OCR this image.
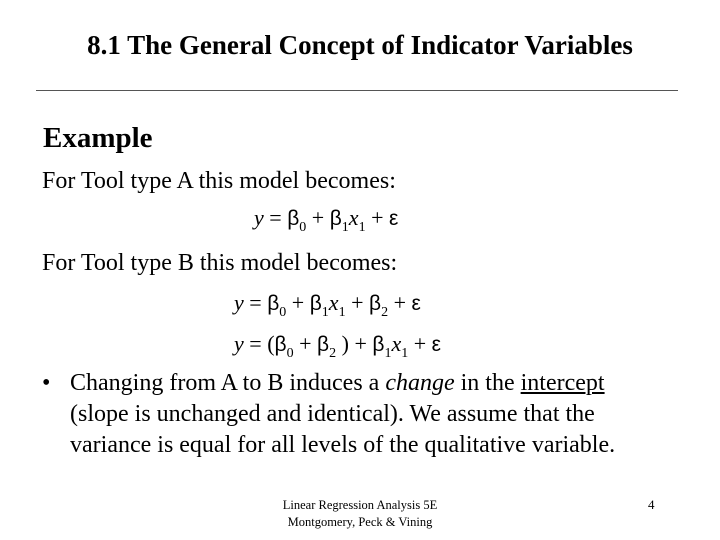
8.1 The General Concept of Indicator Variables
Example
For Tool type A this model becomes:
$y = \beta_0 + \beta_1x_1 + \varepsilon$
For Tool type B this model becomes:
$y = \beta_0 + \beta_1x_1 + \beta_2 + \varepsilon$
$y = (\beta_0 + \beta_2$ ) + $\beta_1x_1 + \varepsilon$
• Changing from A to B induces a change in the intercept (slope is unchanged and identical). We assume that the variance is equal for all levels of the qualitative variable.
Linear Regression Analysis 5E
Montgomery, Peck & Vining
4
